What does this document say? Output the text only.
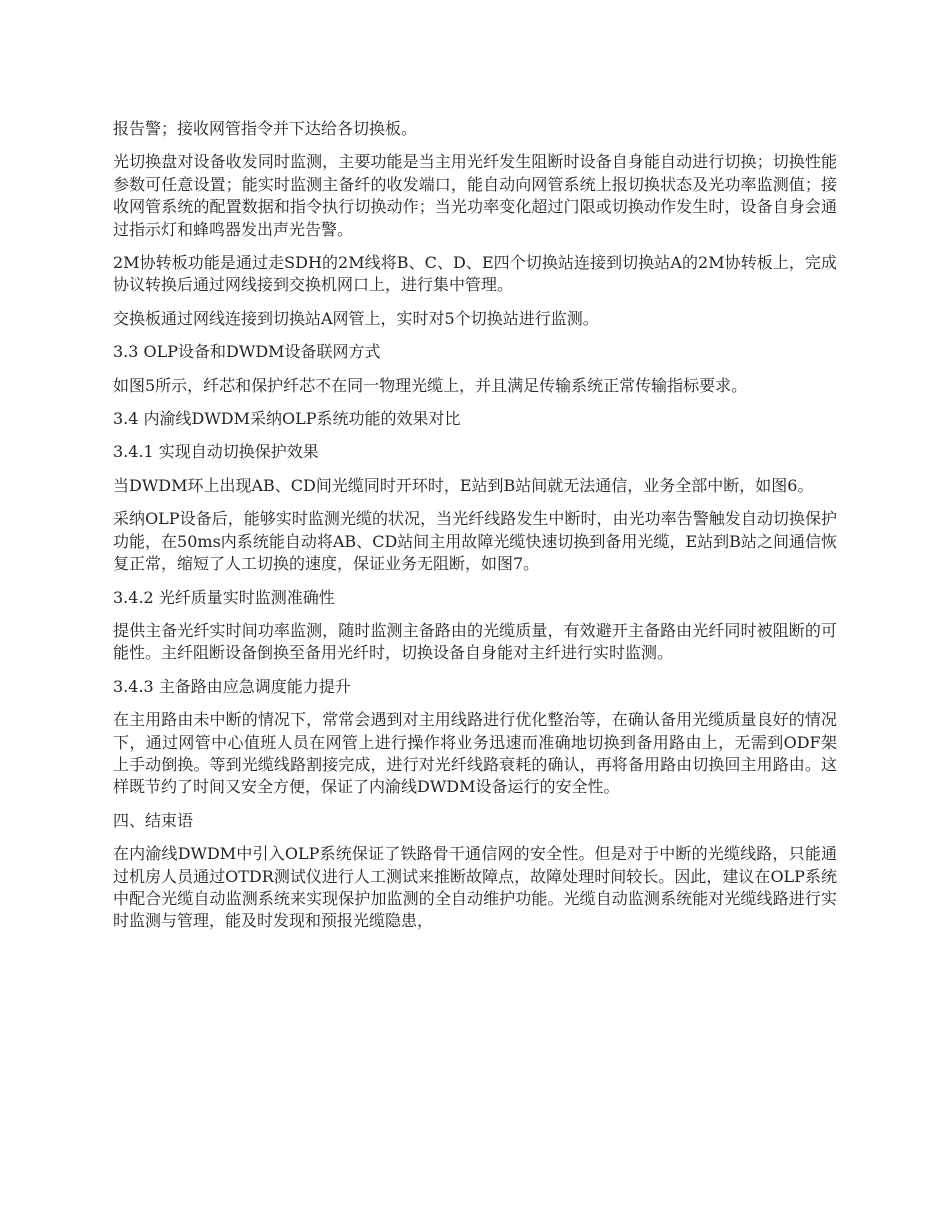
报告警；接收网管指令并下达给各切换板。

光切换盘对设备收发同时监测，主要功能是当主用光纤发生阻断时设备自身能自动进行切换；切换性能参数可任意设置；能实时监测主备纤的收发端口，能自动向网管系统上报切换状态及光功率监测值；接收网管系统的配置数据和指令执行切换动作；当光功率变化超过门限或切换动作发生时，设备自身会通过指示灯和蜂鸣器发出声光告警。

2M协转板功能是通过走SDH的2M线将B、C、D、E四个切换站连接到切换站A的2M协转板上，完成协议转换后通过网线接到交换机网口上，进行集中管理。

交换板通过网线连接到切换站A网管上，实时对5个切换站进行监测。

3.3 OLP设备和DWDM设备联网方式

如图5所示，纤芯和保护纤芯不在同一物理光缆上，并且满足传输系统正常传输指标要求。

3.4 内渝线DWDM采纳OLP系统功能的效果对比

3.4.1 实现自动切换保护效果

当DWDM环上出现AB、CD间光缆同时开环时，E站到B站间就无法通信，业务全部中断，如图6。

采纳OLP设备后，能够实时监测光缆的状况，当光纤线路发生中断时，由光功率告警触发自动切换保护功能，在50ms内系统能自动将AB、CD站间主用故障光缆快速切换到备用光缆，E站到B站之间通信恢复正常，缩短了人工切换的速度，保证业务无阻断，如图7。

3.4.2 光纤质量实时监测准确性

提供主备光纤实时间功率监测，随时监测主备路由的光缆质量，有效避开主备路由光纤同时被阻断的可能性。主纤阻断设备倒换至备用光纤时，切换设备自身能对主纤进行实时监测。

3.4.3 主备路由应急调度能力提升

在主用路由未中断的情况下，常常会遇到对主用线路进行优化整治等，在确认备用光缆质量良好的情况下，通过网管中心值班人员在网管上进行操作将业务迅速而准确地切换到备用路由上，无需到ODF架上手动倒换。等到光缆线路割接完成，进行对光纤线路衰耗的确认，再将备用路由切换回主用路由。这样既节约了时间又安全方便，保证了内渝线DWDM设备运行的安全性。

四、结束语

在内渝线DWDM中引入OLP系统保证了铁路骨干通信网的安全性。但是对于中断的光缆线路，只能通过机房人员通过OTDR测试仪进行人工测试来推断故障点，故障处理时间较长。因此，建议在OLP系统中配合光缆自动监测系统来实现保护加监测的全自动维护功能。光缆自动监测系统能对光缆线路进行实时监测与管理，能及时发现和预报光缆隐患，
